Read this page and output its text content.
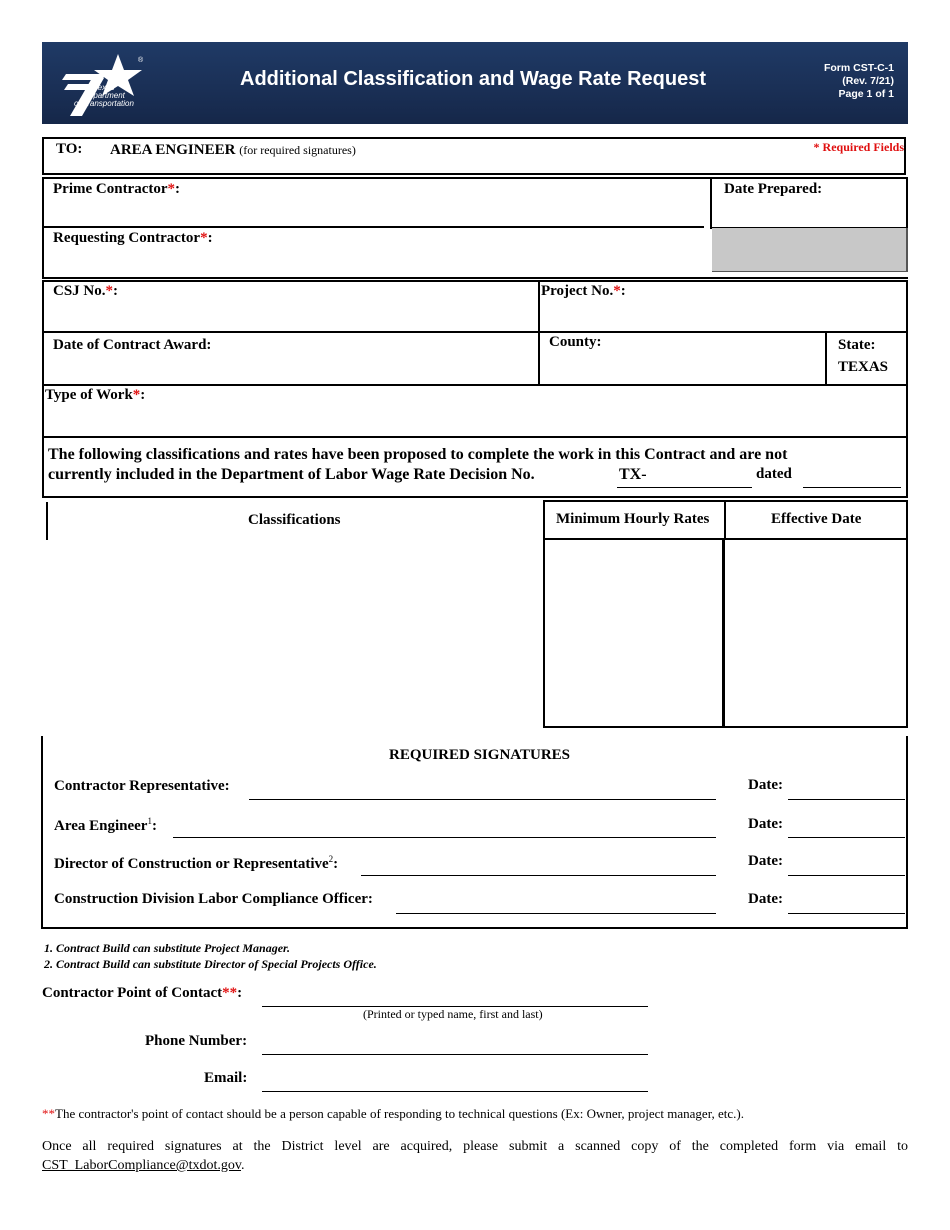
®
Texas
Department
of Transportation
Additional Classification and Wage Rate Request	Form CST-C-1
(Rev. 7/21)
Page 1 of 1
TO: AREA ENGINEER (for required signatures)	* Required Fields
Prime Contractor*:
Requesting Contractor*:
Date Prepared:
CSJ No.*:	Project No.*:
Date of Contract Award:	County:	State:
TEXAS
Type of Work*:
The following classifications and rates have been proposed to complete the work in this Contract and are not
currently included in the Department of Labor Wage Rate Decision No.	TX-	dated
Classifications	Minimum Hourly Rates	Effective Date
REQUIRED SIGNATURES
Contractor Representative:	Date:
Area Engineer$^1$:	Date:
Director of Construction or Representative$^2$:	Date:
Construction Division Labor Compliance Officer:	Date:
1. Contract Build can substitute Project Manager.
2. Contract Build can substitute Director of Special Projects Office.
Contractor Point of Contact**:
(Printed or typed name, first and last)
Phone Number:
Email:
**The contractor's point of contact should be a person capable of responding to technical questions (Ex: Owner, project manager, etc.).
Once all required signatures at the District level are acquired, please submit a scanned copy of the completed form via email to
CST_LaborCompliance@txdot.gov.
